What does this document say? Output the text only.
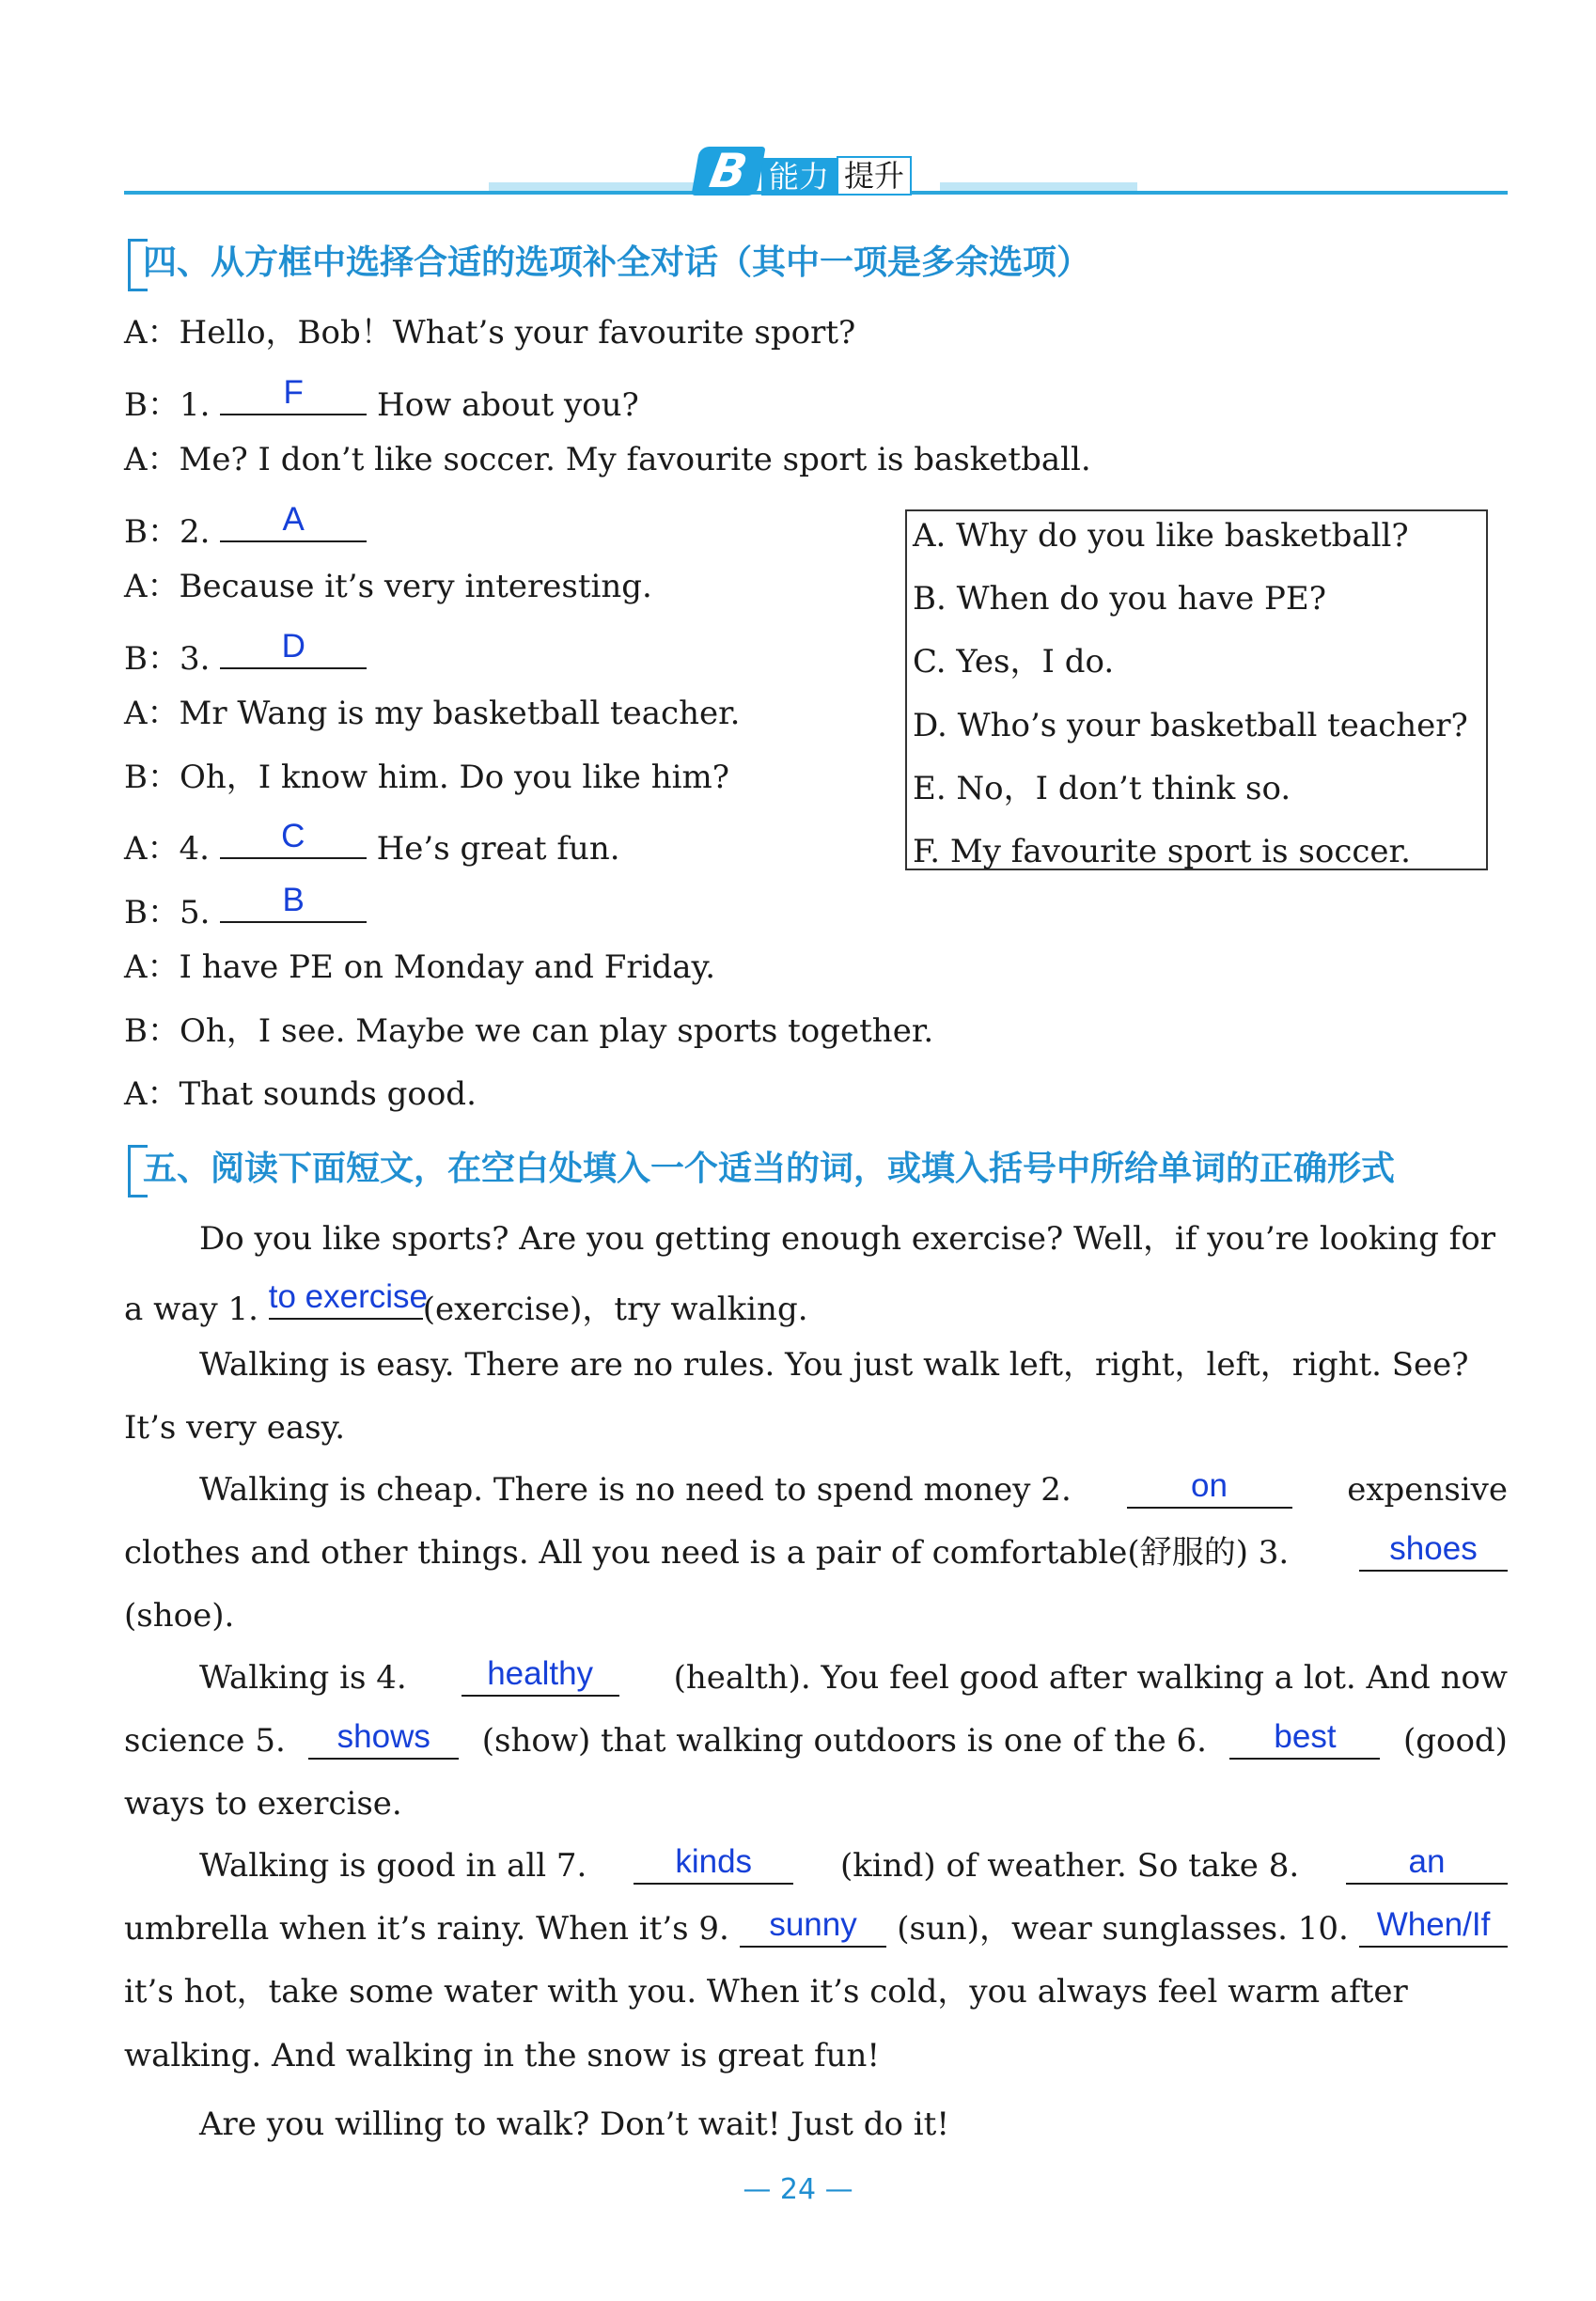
B 能力 提升
四、从方框中选择合适的选项补全对话（其中一项是多余选项）
A：Hello，Bob！What’s your favourite sport?
B：1.	F	How about you?
A：Me? I don’t like soccer. My favourite sport is basketball.
B：2.	A
A：Because it’s very interesting.
B：3.	D
A：Mr Wang is my basketball teacher.
B：Oh，I know him. Do you like him?
A：4.	C	He’s great fun.
B：5.	B
A：I have PE on Monday and Friday.
B：Oh，I see. Maybe we can play sports together.
A：That sounds good.
A. Why do you like basketball?
B. When do you have PE?
C. Yes，I do.
D. Who’s your basketball teacher?
E. No，I don’t think so.
F. My favourite sport is soccer.
五、阅读下面短文，在空白处填入一个适当的词，或填入括号中所给单词的正确形式
Do you like sports? Are you getting enough exercise? Well，if you’re looking for
a way 1. to exercise
(exercise)，try walking.
Walking is easy. There are no rules. You just walk left，right，left，right. See?
It’s very easy.
Walking is cheap. There is no need to spend money 2.	on	expensive
clothes and other things. All you need is a pair of comfortable(舒服的) 3.	shoes
(shoe).
Walking is 4.	healthy	(health). You feel good after walking a lot. And now
science 5.	shows	(show) that walking outdoors is one of the 6.	best	(good)
ways to exercise.
Walking is good in all 7.	kinds	(kind) of weather. So take 8.	an
umbrella when it’s rainy. When it’s 9.	sunny	(sun)，wear sunglasses. 10. When/If
it’s hot，take some water with you. When it’s cold，you always feel warm after
walking. And walking in the snow is great fun!
Are you willing to walk? Don’t wait! Just do it!
— 24 —
